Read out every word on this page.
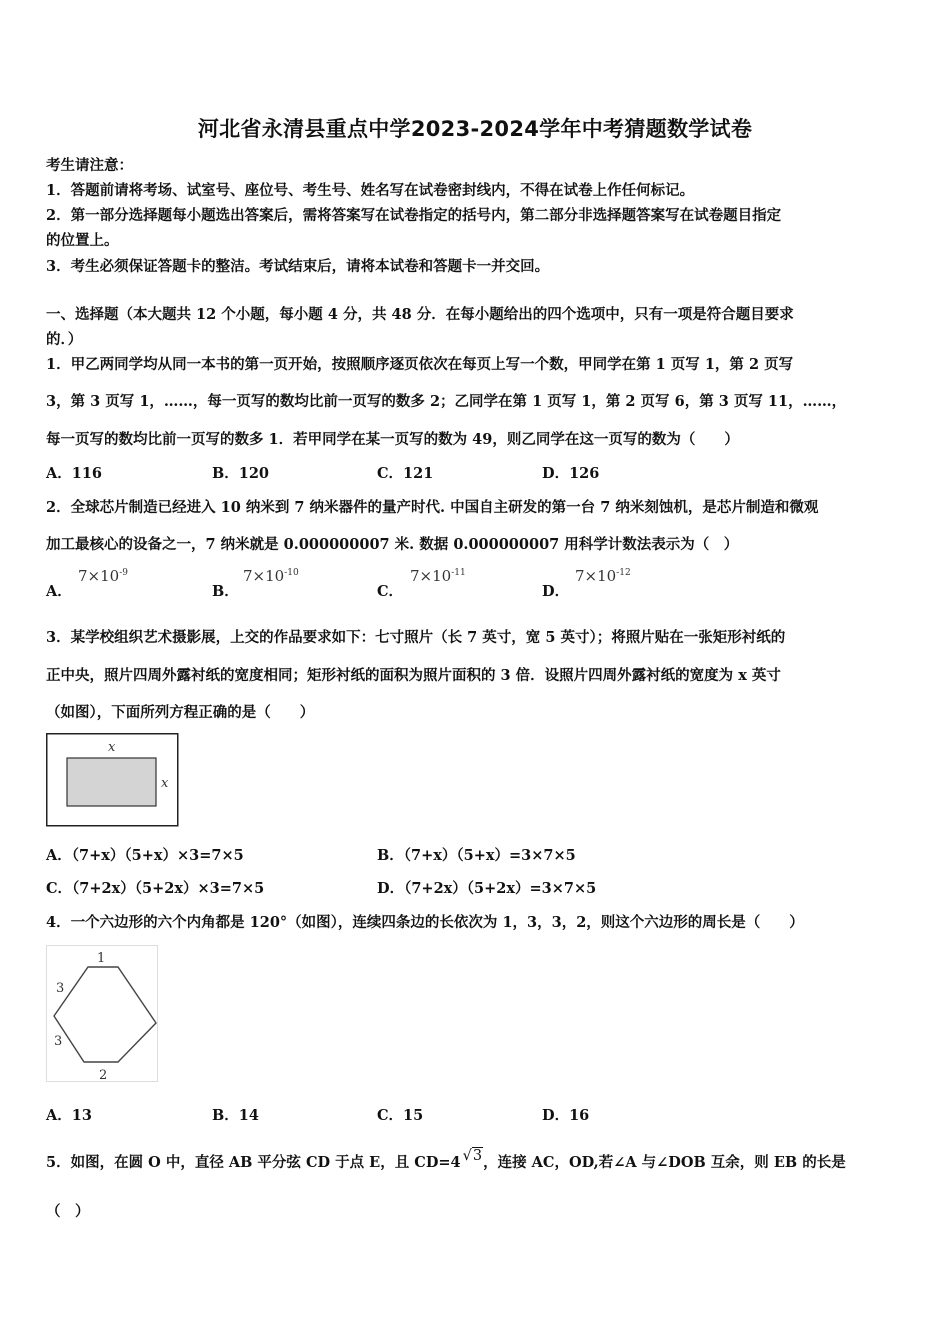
河北省永清县重点中学2023-2024学年中考猜题数学试卷
考生请注意：
1．答题前请将考场、试室号、座位号、考生号、姓名写在试卷密封线内，不得在试卷上作任何标记。
2．第一部分选择题每小题选出答案后，需将答案写在试卷指定的括号内，第二部分非选择题答案写在试卷题目指定
的位置上。
3．考生必须保证答题卡的整洁。考试结束后，请将本试卷和答题卡一并交回。
一、选择题（本大题共 12 个小题，每小题 4 分，共 48 分．在每小题给出的四个选项中，只有一项是符合题目要求
的．）
1．甲乙两同学均从同一本书的第一页开始，按照顺序逐页依次在每页上写一个数，甲同学在第 1 页写 1，第 2 页写
3，第 3 页写 1，……，每一页写的数均比前一页写的数多 2；乙同学在第 1 页写 1，第 2 页写 6，第 3 页写 11，……，
每一页写的数均比前一页写的数多 1．若甲同学在某一页写的数为 49，则乙同学在这一页写的数为（　　）
A．116	B．120	C．121	D．126
2．全球芯片制造已经进入 10 纳米到 7 纳米器件的量产时代. 中国自主研发的第一台 7 纳米刻蚀机，是芯片制造和微观
加工最核心的设备之一，7 纳米就是 0.000000007 米. 数据 0.000000007 用科学计数法表示为（　）
A．
$7\times 10^{-9}$
B．
$7\times 10^{-10}$
C．
$7\times 10^{-11}$
D．
$7\times 10^{-12}$
3．某学校组织艺术摄影展，上交的作品要求如下：七寸照片（长 7 英寸，宽 5 英寸）；将照片贴在一张矩形衬纸的
正中央，照片四周外露衬纸的宽度相同；矩形衬纸的面积为照片面积的 3 倍．设照片四周外露衬纸的宽度为 x 英寸
（如图），下面所列方程正确的是（　　）
x
x
A．（7+x）（5+x）×3=7×5	B．（7+x）（5+x）=3×7×5
C．（7+2x）（5+2x）×3=7×5	D．（7+2x）（5+2x）=3×7×5
4．一个六边形的六个内角都是 120°（如图），连续四条边的长依次为 1，3，3，2，则这个六边形的周长是（　　）
1
3
3
2
A．13	B．14	C．15	D．16
5．如图，在圆 O 中，直径 AB 平分弦 CD 于点 E，且 CD=4 √3，连接 AC，OD,若∠A 与∠DOB 互余，则 EB 的长是
（　）
